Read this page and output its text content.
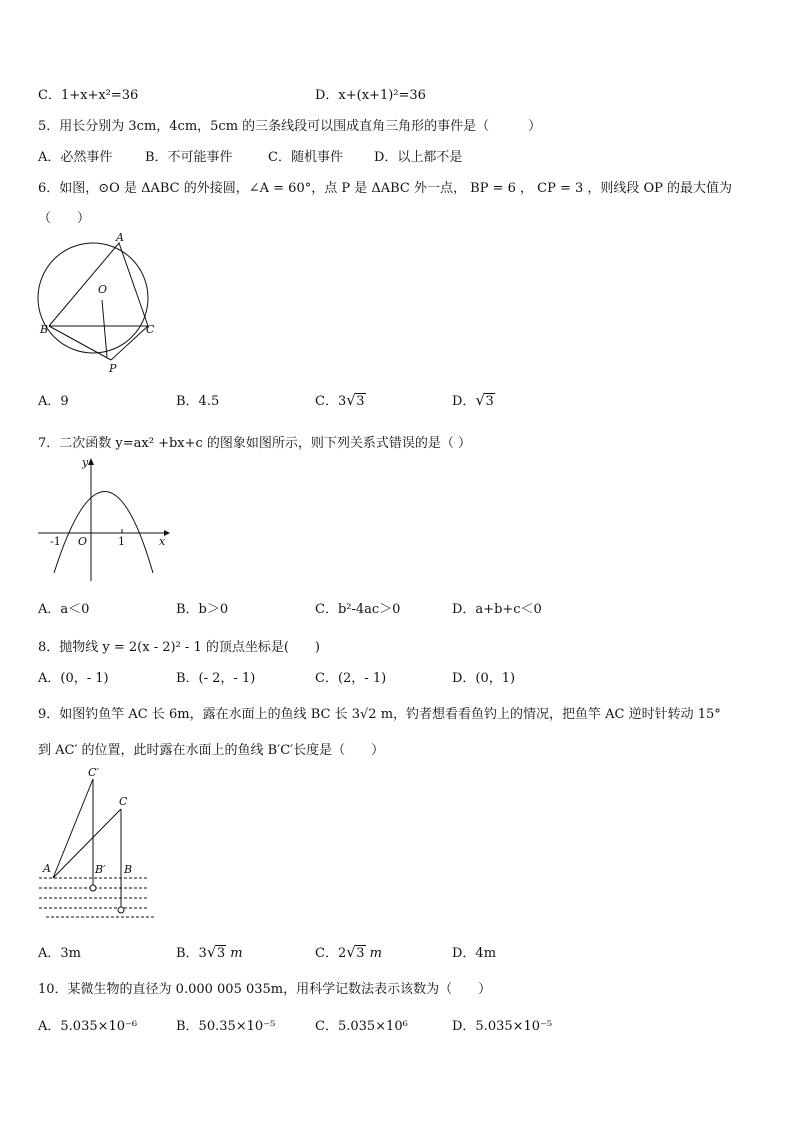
C．1+x+x²=36	D．x+(x+1)²=36
5．用长分别为 3cm，4cm，5cm 的三条线段可以围成直角三角形的事件是（　　　）
A．必然事件	B．不可能事件	C．随机事件 D．以上都不是
6．如图，⊙O 是 ΔABC 的外接圆，∠A = 60°，点 P 是 ΔABC 外一点， BP = 6 ， CP = 3 ，则线段 OP 的最大值为
（　　）
A
O
B	C
P
A．9	B．4.5	C．3 √ 3	D． √ 3
7．二次函数 y=ax² +bx+c 的图象如图所示，则下列关系式错误的是（ ）
y
x
-1 O	1
A．a＜0	B．b＞0	C．b²-4ac＞0	D．a+b+c＜0
8．抛物线 y = 2(x - 2)² - 1 的顶点坐标是(　　)
A．(0，- 1)	B．(- 2，- 1)	C．(2，- 1)	D．(0，1)
9．如图钓鱼竿 AC 长 6m，露在水面上的鱼线 BC 长 3√2 m，钓者想看看鱼钓上的情况，把鱼竿 AC 逆时针转动 15°
到 AC′ 的位置，此时露在水面上的鱼线 B′C′长度是（　　）
C′
C
A	B′ B
A．3m	B．3 √ 3 m	C．2 √ 3 m	D．4m
10．某微生物的直径为 0.000 005 035m，用科学记数法表示该数为（　　）
A．5.035×10⁻⁶	B．50.35×10⁻⁵	C．5.035×10⁶	D．5.035×10⁻⁵
